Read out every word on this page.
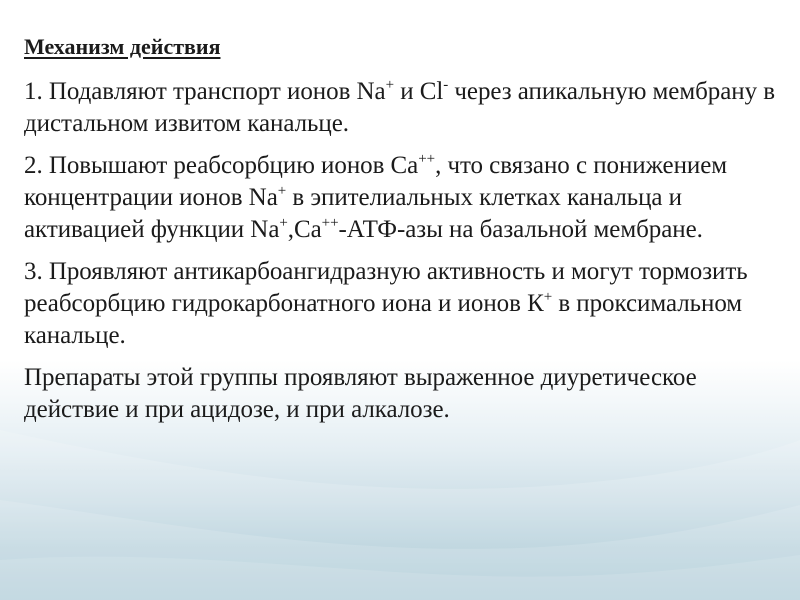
Механизм действия

1. Подавляют транспорт ионов Na+ и Cl- через апикальную мембрану в дистальном извитом канальце.

2. Повышают реабсорбцию ионов Ca++, что связано с понижением концентрации ионов Na+ в эпителиальных клетках канальца и активацией функции Na+,Ca++-АТФ-азы на базальной мембране.

3. Проявляют антикарбоангидразную активность и могут тормозить реабсорбцию гидрокарбонатного иона и ионов К+ в проксимальном канальце.

Препараты этой группы проявляют выраженное диуретическое действие и при ацидозе, и при алкалозе.
